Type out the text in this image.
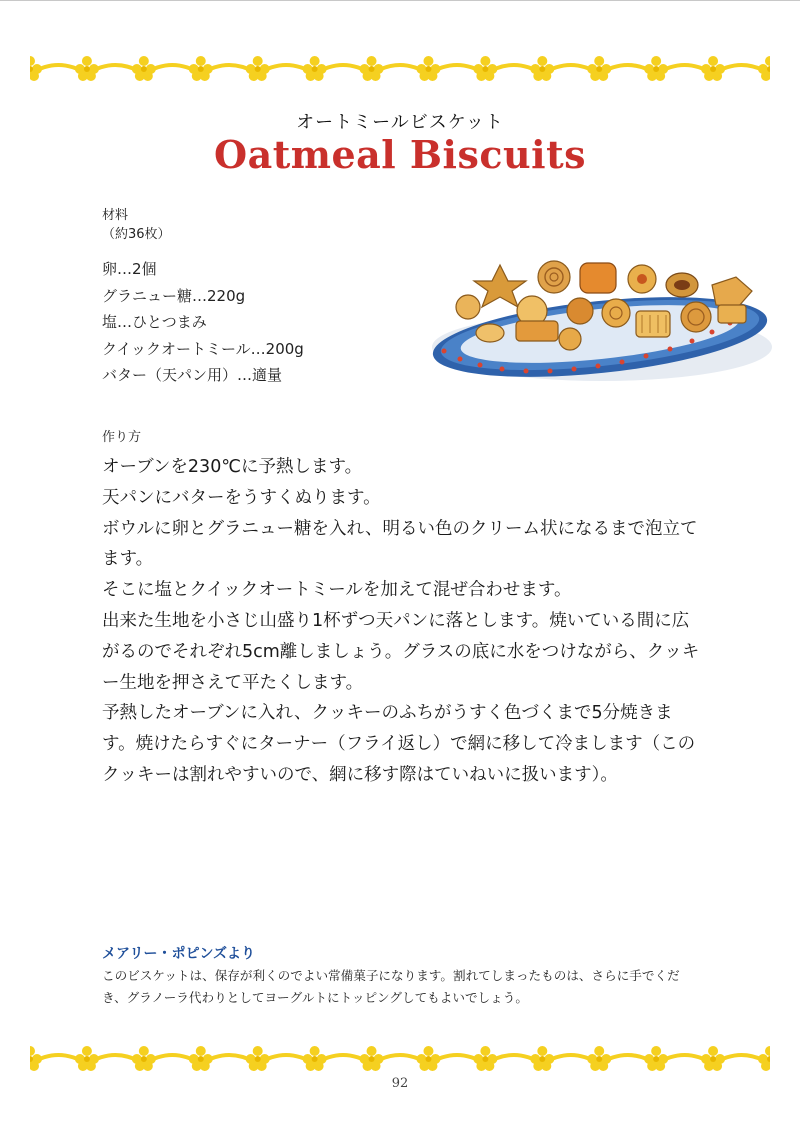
オートミールビスケット
Oatmeal Biscuits
材料
（約36枚）
卵…2個
グラニュー糖…220g
塩…ひとつまみ
クイックオートミール…200g
バター（天パン用）…適量
作り方
オーブンを230℃に予熱します。
天パンにバターをうすくぬります。
ボウルに卵とグラニュー糖を入れ、明るい色のクリーム状になるまで泡立てます。
そこに塩とクイックオートミールを加えて混ぜ合わせます。
出来た生地を小さじ山盛り1杯ずつ天パンに落とします。焼いている間に広がるのでそれぞれ5cm離しましょう。グラスの底に水をつけながら、クッキー生地を押さえて平たくします。
予熱したオーブンに入れ、クッキーのふちがうすく色づくまで5分焼きます。焼けたらすぐにターナー（フライ返し）で網に移して冷まします（このクッキーは割れやすいので、網に移す際はていねいに扱います）。
メアリー・ポピンズより
このビスケットは、保存が利くのでよい常備菓子になります。割れてしまったものは、さらに手でくだき、グラノーラ代わりとしてヨーグルトにトッピングしてもよいでしょう。
92
